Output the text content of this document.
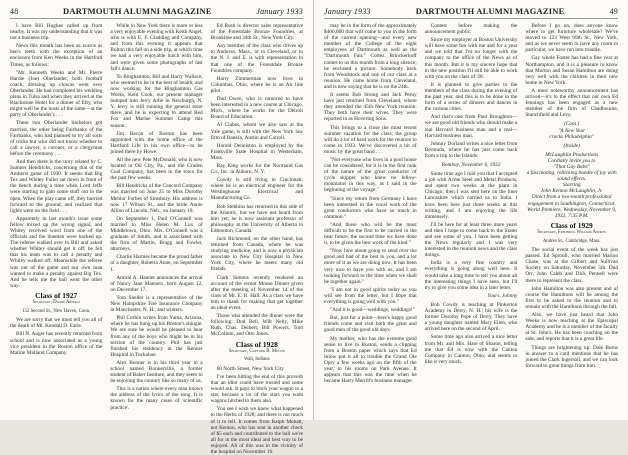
48	DARTMOUTH ALUMNI MAGAZINE	January 1933

I have Bill Hughes called up from nearby. It was my understanding that it was not a business trip.

News this month has been as scarce as hen's teeth with the exception of an enclosure from Ken Weeks in the Hartford Times, as follows:

"Mr. Kenneth Weeks and Mr. Pierre Hardie (Joe) Oberlander, both football coach, dressing up clowns went over Oberlander. He had completed his wedding plans in Tulsa and when they arrived at the Blackstone Hotel for a dinner of fifty, who might well be the hosts of the same—at the party of Oberlander's . . .

These two Oberlander bachelors got married, the other being Fairbanks of the Fairbanks, who had planned to try all sorts of tricks but who did not know whether to call a lawyer, a coroner, or a clergyman before the ceremony . . .

And then there is the story related by C. Sumner Hendricks, concerning that of the Amherst game of 1930. It seems that Big Tex and Whitey Fuller sat down in front of the bench during a time when Lord Jeffs were starting to gain some stuff out in the open. When the play came off, they hurried forward to the ground, and realized that lights were on the field . . .

Apparently in last month's issue some fellow mixed up the wrong signal, and Whitey received word from one of the officials and the linemen were backed up. The referee walked over to Bill and asked whether Whitey should get it off; he felt that his team was to call a penalty and Whitey walked off. Meanwhile the referee was out of the game and our own man wanted to make a penalty against Big Tex. And he tells me the ball went the other way.

Class of 1927
Secretary, Doane Arnold
152 Second St., New Haven, Conn.

We are sorry that we must tell you all of the death of Mr. Kendall D. Earle.

Bill N. Auger has recently returned from school and is now associated as a young vice president in the Boston office of the Marine Midland Company.

While in New York there is more or less a very enjoyable evening with Keith Angel, who is with E. F. Gladding and Company, and from this evening it appears that Bolton this fall on a side trip, at which time we had a very enjoyable lunch with him, and were given some photographs of last fall's dance.

To Binghamton, Bill and Harry Wallace, who seemed to be in the best of health, and now working for the Binghamton Gas Works, Kent Cook, our present manager bumped into Jerry Allie in Newburgh, N. Y. Jerry is still running the general store there, and he is expecting to attend Red Fox and Marine Summer Camp this season.

Jim Bacon of Boston has been appointed with the home office of the Hartford Life in his own office—to be joined there by Howe.

All the new Pete McDonald, who is now located in Oil City, Pa., and the Graden Coal Company, has been in the town for the past few weeks.

Bill Hendricks of the Concord Company was married on June 25 to Miss Dorothy Mehlor Forbes of Simsbury. His address is now 17 Wilson St., and the bride Annie Allinn of Lincoln, Neb., on January 18.

On September 1, Paul O'Connell was married to Miss Helen M. Lux of Middletown, Ohio. Mrs. O'Connell was a graduate of Smith, and is associated with the firm of Martin, Bragg and Fowler, attorneys.

Charlie Harmes became the proud father of a daughter, Roberta Anne, on September 1.

Amiral A. Hanner announces the arrival of Nancy Jane Manners, born August 12, on December 17.

Tom Sheller is a representative of the New Hampshire Fire Insurance Company in Manchester, N. H., and winters.

Phil Corbin writes from Yuma, Arizona, where he has hung up his Boston's shingle. We are sure he would be pleased to hear from any of the boys who might be in his section of the country. Phil has just finished his residency at the Kenner Hospital in Tuckahoe.

Alex Bonner is in his third year in a school named Bonnerville, a former student of Baker Institute, and they seem to be enjoying the country like so many of us.

This is a nation where every man knows the address of the lyrics of the song. It is known for the many cases of 'scientific practice'.

Ed Rush is director sales representative of the Forestdale Bronze Foundries, at Brookline and 34th St., New York City.

Any member of the class who drives up to Andover, Mass., or to Cleveland, or to the N. J. and E. is with representation in that one of the Forestdale Bronze Foundries company.

Harry Zimmerman now lives in Columbus, Ohio, where he is an Air line pilot.

Dud Owen, who is rumored to have been interested in a new course at Chicago, Mich., where he works for the Detroit Board of Education.

Al Clabes, whom we also saw at the Yale game, is still with the New York law firm of Rankin, Austin and Carroll.

Harold Denniston is employed by the Frankville State Hospital in Westerham, Mass.

Ray King works for the Normand Gas Co., Inc. in Auburn, N. Y.

Cowdy is still living in Cincinnati, where he is an electrical engineer for the Westinghouse Electrical and Manufacturing Co.

Bob Stebbins has returned to this side of the Atlantic, but we have not heard from him yet; he is now assistant professor of philosophy at the University of Alberta in Edmonton, Canada.

Jack Richmond, on the other hand, has returned from Canada, where he was studying medicine, and is now a physician associate in New City Hospital in New York City, where he meets many old friends.

Clark Simons recently rendered an account of the recent Moose Dinner given after the meeting of November 14 of the class of Mr. E. B. Hall. As a class we have him to thank for making that get together an ideal event.

Those who attended the dinner were the following: Dud Bell, Wilt Nelly, Mike Ruth, Chas. Deibert, Bill Powers, Tom McCollum, and Otto Jones.

Class of 1928
Secretary, Clifford B. Melvin
Wall, Indiana

60 North Street, New York City

I've been hitting the end of this proverb that an idiot could have trusted and some would ask. It pays to hitch your wagon to a star, because a lot of the stars you want wagons hitched to them also.

You see I wish we knew what happened to the Herbs of 1928; and there is not much of it to tell. It comes from Ralph Mohatt, not Kenton, who has sent in another check of $5 each and contributed to the ball we're all for in the most ideal and best way to be enjoyed. All of this was in the vicinity of the hospital on November 16.

January 1933	DARTMOUTH ALUMNI MAGAZINE	49

may be in the form of the approximately $400,000 that will come to you in the form of the current opening—and every new member of the College of the eight employees of Dartmouth as well as the "Dartmouth Fair." Cortez Brinckerhoff comes to us this month from a long silence; he enclosed a picture. Somebody back from Woodstock and one of our class at a reunion. He came home from Cleveland, and is now saying that he is on the 24th.

It seems Bob Strong and Jack Peruy have just returned from Cleveland, where they attended the 45th New York reunion. They both have their wives. They were reported in as Hovering Sons.

This brings to a close the most recent summer vacation for the class; the group will do a lot of hard work for the reunion to come in 1933. We've discovered a bit of music by the great band . . .

"Not everyone who lives in a pool house can be considered, for it is in the first rank of the nature of the great conductor of cycle skipper who knew no fellow-mountains in this way, as I said in the beginning of the voyage."

"Since my return from Germany I have been interested in the vocal work of the great conductors who have so much in common."

"And those who will be the most difficult to be the first to be carried in the near future, the second time we have done it, to be given the best work of the kind."

"Now how about going to send over the good and bad of the best to you, and a lot more of it as we are doing now. It has been very nice to have you with us, and I am looking forward to the time when we shall be together again."

"I am not in good spirits today as you will see from the letter, but I hope that everything is going well with you."

"And it is good—weddings, weddings!"

But, just for a point—here's happy good friends come and visit both the great and good men of the good old days.

My mother, who has the extreme good sense to live in Boston, sends a clipping from a Boston paper which says that Ed Inlow put it all to trouble the Grand Ole Opry a few weeks ago on the fifth of the year, in his rooms on Park Avenue. It appears that this was the time when he became Harry Merrill's business manager.

Contest before making the announcement public.

Since my employer at Boston University will have some fun with me and for a year and we told that I'm no longer with the company to the office of the News as of this month. But it is my sincere hope that in the new position I'll still be able to work with you on the class of '28.

It is planned to give parties to the members of the class during the evening of the past year, and this is to be done in the form of a series of dinners and dances in the various cities.

And that's one from Paul Broughton—we are good old friends who should make a real Harvard business man and a real—Harvard business man.

Johnny Dorland writes a nice letter from Bermuda, where he has just come back from a trip to the Islands.

Bombay, November 6, 1932

Some time ago I told you that I accepted a job with Acme Steel and Metal Products, and spent two weeks at the plant in Chicago; then I was sent here on the liner Lancashire which carried us to India. I have been here just three weeks at this writing, and I am enjoying the life immensely.

I'll be here for at least three more years and then I hope to come back to the States and see some of you. I have been getting the News regularly and I was very interested in the reunion news and the class doings.

India is a very fine country and everything is going along well here. It would take a long time to tell you about all the interesting things I have seen, but I'll try to give you some idea in a later letter.

Yours, Johnny

Bob Cowdy is teaching at Pinkerton Academy in Derry, N. H.; his wife is the former Dorothy Pope of Derry. They have a young daughter named Mary Ellen, who arrived here on the second of April.

Some time ago also arrived a nice letter from Mr. and Mrs. Hare of Sharon, telling me that Ed is now with the Canton Company in Canton, Ohio, and seems to like it very much.

Before I go on, does anyone know where to get furniture wholesale? We've moved to 123 West 99th St., New York, and as we never seem to have any room in particular, we have run into trouble.

Gay whole Foster has had a fine year at Northampton, and it is a pleasure to know that Morton and Susan Hamilton are doing very well with the children in their new home in New York.

A most noteworthy announcement has arrived—it's to the effect that our own Ed Jennings has been engaged as a new member of the firm of Chadbourne, Stanchfield and Levy.

(Cont.)
"A New Year
cracks Philadelphia"
(Inside)

McLaughlin Productions

Cordially invite you to

"That Gay Babe"

a fascinating, rollicking bundle of joy with sound effects.

Starring

John Kenton McLaughlin, Jr.

Direct from a two-month professional engagement in Southington, Connecticut. World Premiere, Wednesday, November 9, 1932, 7:35 P.M.

Class of 1929
Secretary, Frederick William Andres
Andres St., Cambridge, Mass.

The social event of the week has just passed. Ed Sproull, who married Marion Chase, was at the Gilbert and Sullivan Society on Saturday, November 5th. Dud Orr, John Caleb and Dick Pennell were there to represent the class.

John Hamilton was also present and of course the Hamiltons will be among the first to be asked to the reunion and to remain with the Hamiltons through the fall.

Also, we have just heard that John Weeks is now teaching at the Episcopal Academy and he is a member of the faculty at St. John's. He has been coaching on the side, and reports that it is a great life.

Things are brightening up; Dale Burns in answer to a card mentions that he has joined the Clark Ingersoll, and we can look forward to great things from him.
